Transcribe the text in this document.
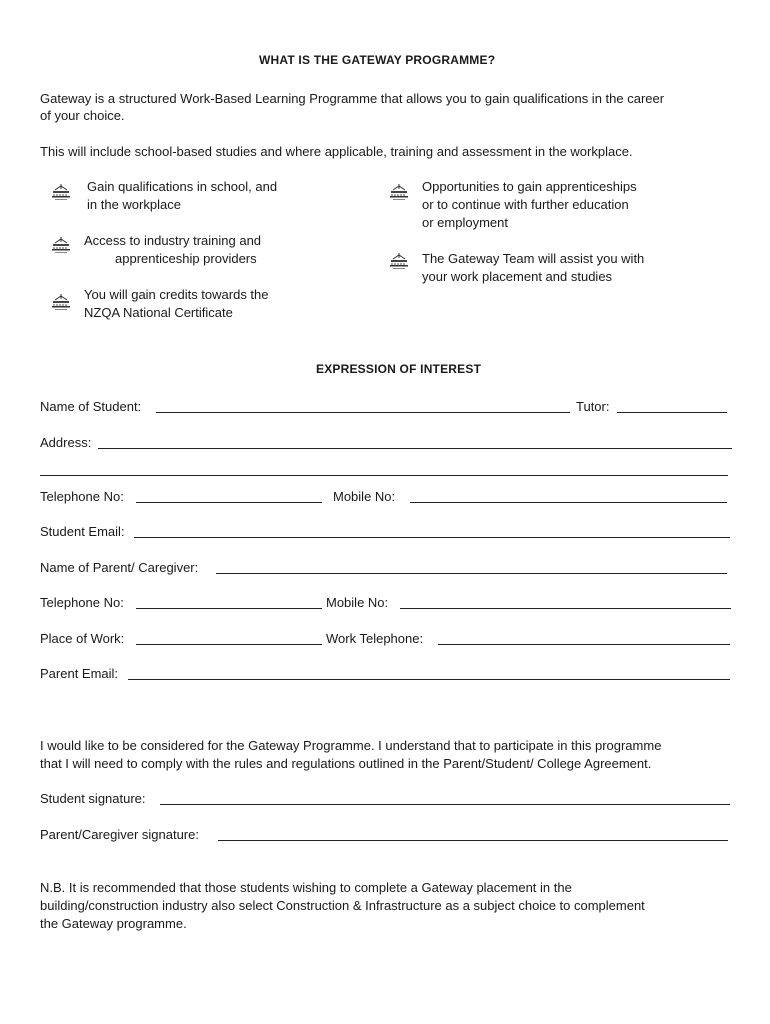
WHAT IS THE GATEWAY PROGRAMME?
Gateway is a structured Work-Based Learning Programme that allows you to gain qualifications in the career
of your choice.
This will include school-based studies and where applicable, training and assessment in the workplace.
Gain qualifications in school, and
in the workplace
Access to industry training and
apprenticeship providers
You will gain credits towards the
NZQA National Certificate
Opportunities to gain apprenticeships
or to continue with further education
or employment
The Gateway Team will assist you with
your work placement and studies
EXPRESSION OF INTEREST
Name of Student:	Tutor:
Address:
Telephone No:	Mobile No:
Student Email:
Name of Parent/ Caregiver:
Telephone No:	Mobile No:
Place of Work:	Work Telephone:
Parent Email:
I would like to be considered for the Gateway Programme. I understand that to participate in this programme
that I will need to comply with the rules and regulations outlined in the Parent/Student/ College Agreement.
Student signature:
Parent/Caregiver signature:
N.B. It is recommended that those students wishing to complete a Gateway placement in the
building/construction industry also select Construction & Infrastructure as a subject choice to complement
the Gateway programme.
